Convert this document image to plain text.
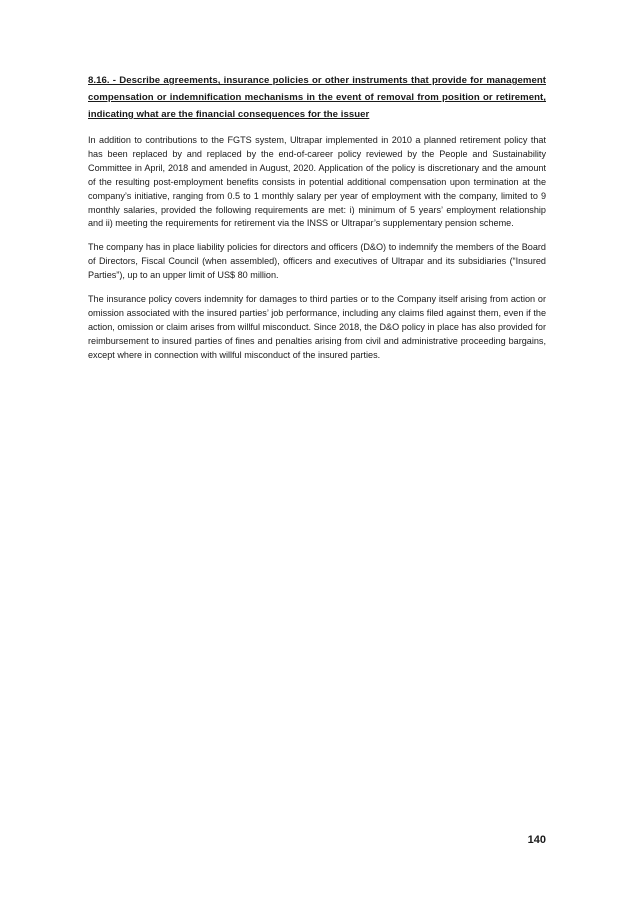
8.16. - Describe agreements, insurance policies or other instruments that provide for management compensation or indemnification mechanisms in the event of removal from position or retirement, indicating what are the financial consequences for the issuer

In addition to contributions to the FGTS system, Ultrapar implemented in 2010 a planned retirement policy that has been replaced by and replaced by the end-of-career policy reviewed by the People and Sustainability Committee in April, 2018 and amended in August, 2020. Application of the policy is discretionary and the amount of the resulting post-employment benefits consists in potential additional compensation upon termination at the company’s initiative, ranging from 0.5 to 1 monthly salary per year of employment with the company, limited to 9 monthly salaries, provided the following requirements are met: i) minimum of 5 years’ employment relationship and ii) meeting the requirements for retirement via the INSS or Ultrapar’s supplementary pension scheme.

The company has in place liability policies for directors and officers (D&O) to indemnify the members of the Board of Directors, Fiscal Council (when assembled), officers and executives of Ultrapar and its subsidiaries (“Insured Parties”), up to an upper limit of US$ 80 million.

The insurance policy covers indemnity for damages to third parties or to the Company itself arising from action or omission associated with the insured parties’ job performance, including any claims filed against them, even if the action, omission or claim arises from willful misconduct. Since 2018, the D&O policy in place has also provided for reimbursement to insured parties of fines and penalties arising from civil and administrative proceeding bargains, except where in connection with willful misconduct of the insured parties.

140
